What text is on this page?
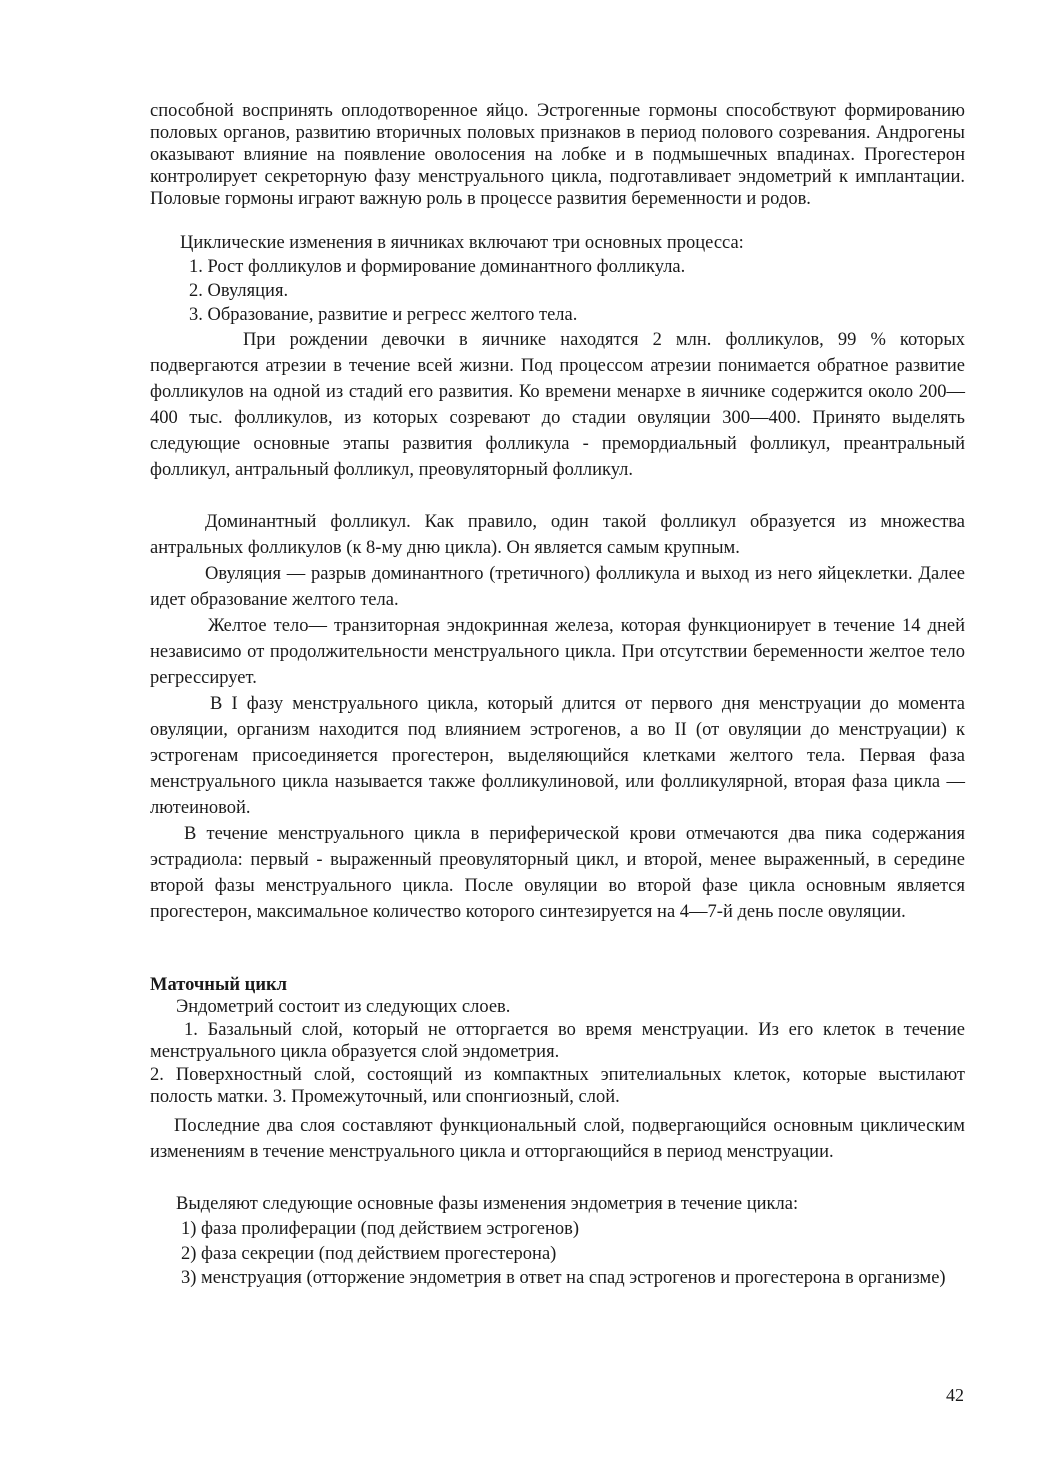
способной воспринять оплодотворенное яйцо. Эстрогенные гормоны способствуют формированию половых органов, развитию вторичных половых признаков в период полового созревания. Андрогены оказывают влияние на появление оволосения на лобке и в подмышечных впадинах. Прогестерон контролирует секреторную фазу менструального цикла, подготавливает эндометрий к имплантации. Половые гормоны играют важную роль в процессе развития беременности и родов.

Циклические изменения в яичниках включают три основных процесса:

1. Рост фолликулов и формирование доминантного фолликула.

2. Овуляция.

3. Образование, развитие и регресс желтого тела.

При рождении девочки в яичнике находятся 2 млн. фолликулов, 99 % которых подвергаются атрезии в течение всей жизни. Под процессом атрезии понимается обратное развитие фолликулов на одной из стадий его развития. Ко времени менархе в яичнике содержится около 200—400 тыс. фолликулов, из которых созревают до стадии овуляции 300—400. Принято выделять следующие основные этапы развития фолликула - премордиальный фолликул, преантральный фолликул, антральный фолликул, преовуляторный фолликул.

Доминантный фолликул. Как правило, один такой фолликул образуется из множества антральных фолликулов (к 8-му дню цикла). Он является самым крупным.

Овуляция — разрыв доминантного (третичного) фолликула и выход из него яйцеклетки. Далее идет образование желтого тела.

Желтое тело— транзиторная эндокринная железа, которая функционирует в течение 14 дней независимо от продолжительности менструального цикла. При отсутствии беременности желтое тело регрессирует.

В I фазу менструального цикла, который длится от первого дня менструации до момента овуляции, организм находится под влиянием эстрогенов, а во II (от овуляции до менструации) к эстрогенам присоединяется прогестерон, выделяющийся клетками желтого тела. Первая фаза менструального цикла называется также фолликулиновой, или фолликулярной, вторая фаза цикла — лютеиновой.

В течение менструального цикла в периферической крови отмечаются два пика содержания эстрадиола: первый - выраженный преовуляторный цикл, и второй, менее выраженный, в середине второй фазы менструального цикла. После овуляции во второй фазе цикла основным является прогестерон, максимальное количество которого синтезируется на 4—7-й день после овуляции.

Маточный цикл

Эндометрий состоит из следующих слоев.

1. Базальный слой, который не отторгается во время менструации. Из его клеток в течение менструального цикла образуется слой эндометрия.

2. Поверхностный слой, состоящий из компактных эпителиальных клеток, которые выстилают полость матки. 3. Промежуточный, или спонгиозный, слой.

Последние два слоя составляют функциональный слой, подвергающийся основным циклическим изменениям в течение менструального цикла и отторгающийся в период менструации.

Выделяют следующие основные фазы изменения эндометрия в течение цикла:

1) фаза пролиферации (под действием эстрогенов)

2) фаза секреции (под действием прогестерона)

3) менструация (отторжение эндометрия в ответ на спад эстрогенов и прогестерона в организме)

42
